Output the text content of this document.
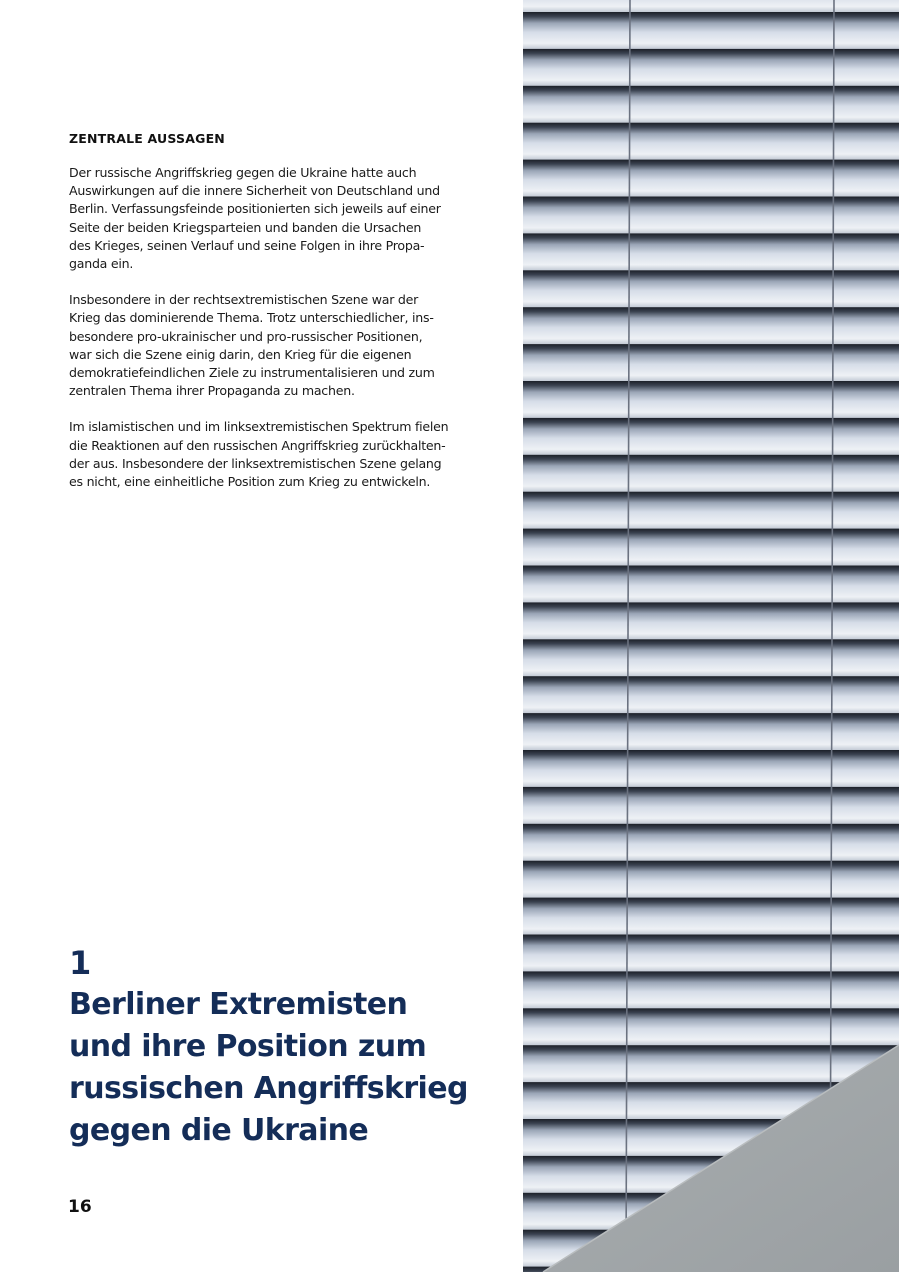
ZENTRALE AUSSAGEN

Der russische Angriffskrieg gegen die Ukraine hatte auch
Auswirkungen auf die innere Sicherheit von Deutschland und
Berlin. Verfassungsfeinde positionierten sich jeweils auf einer
Seite der beiden Kriegsparteien und banden die Ursachen
des Krieges, seinen Verlauf und seine Folgen in ihre Propa-
ganda ein.

Insbesondere in der rechtsextremistischen Szene war der
Krieg das dominierende Thema. Trotz unterschiedlicher, ins-
besondere pro-ukrainischer und pro-russischer Positionen,
war sich die Szene einig darin, den Krieg für die eigenen
demokratiefeindlichen Ziele zu instrumentalisieren und zum
zentralen Thema ihrer Propaganda zu machen.

Im islamistischen und im linksextremistischen Spektrum fielen
die Reaktionen auf den russischen Angriffskrieg zurückhalten-
der aus. Insbesondere der linksextremistischen Szene gelang
es nicht, eine einheitliche Position zum Krieg zu entwickeln.

1
Berliner Extremisten
und ihre Position zum
russischen Angriffskrieg
gegen die Ukraine
16
